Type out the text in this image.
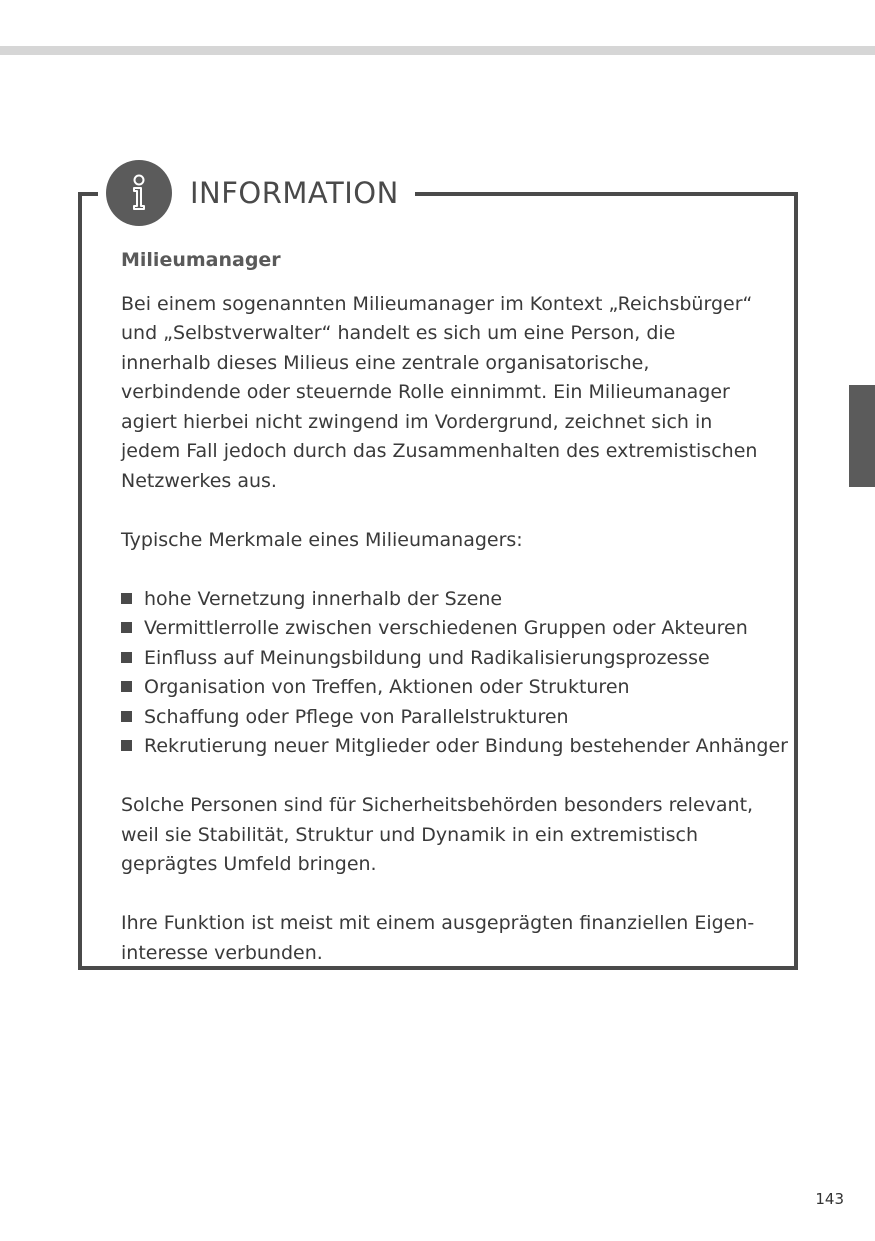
INFORMATION
Milieumanager

Bei einem sogenannten Milieumanager im Kontext „Reichsbürger“ und „Selbstverwalter“ handelt es sich um eine Person, die innerhalb dieses Milieus eine zentrale organisatorische, verbindende oder steuernde Rolle einnimmt. Ein Milieumanager agiert hierbei nicht zwingend im Vordergrund, zeichnet sich in jedem Fall jedoch durch das Zusammenhalten des extremistischen Netzwerkes aus.

Typische Merkmale eines Milieumanagers:

hohe Vernetzung innerhalb der Szene
Vermittlerrolle zwischen verschiedenen Gruppen oder Akteuren
Einfluss auf Meinungsbildung und Radikalisierungsprozesse
Organisation von Treffen, Aktionen oder Strukturen
Schaffung oder Pflege von Parallelstrukturen
Rekrutierung neuer Mitglieder oder Bindung bestehender Anhänger

Solche Personen sind für Sicherheitsbehörden besonders relevant, weil sie Stabilität, Struktur und Dynamik in ein extremistisch geprägtes Umfeld bringen.

Ihre Funktion ist meist mit einem ausgeprägten finanziellen Eigeninteresse verbunden.

143
